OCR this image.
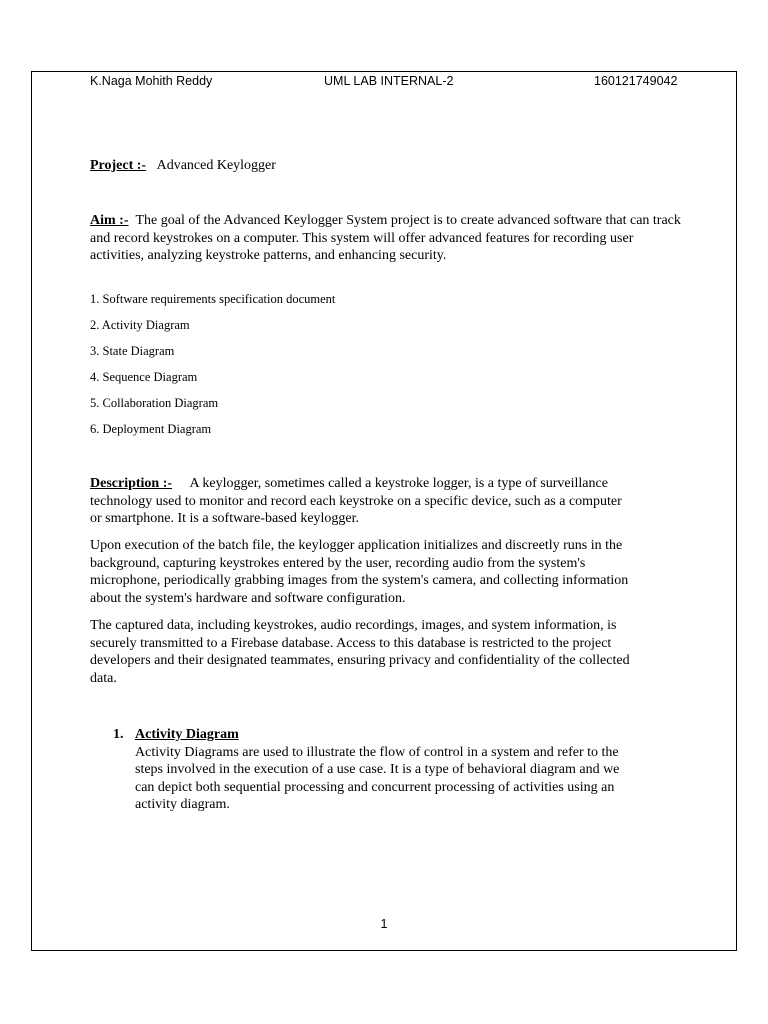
K.Naga Mohith Reddy	UML LAB INTERNAL-2	160121749042
Project :- Advanced Keylogger
Aim :- The goal of the Advanced Keylogger System project is to create advanced software that can track
and record keystrokes on a computer. This system will offer advanced features for recording user
activities, analyzing keystroke patterns, and enhancing security.
1. Software requirements specification document
2. Activity Diagram
3. State Diagram
4. Sequence Diagram
5. Collaboration Diagram
6. Deployment Diagram
Description :- A keylogger, sometimes called a keystroke logger, is a type of surveillance
technology used to monitor and record each keystroke on a specific device, such as a computer
or smartphone. It is a software-based keylogger.
Upon execution of the batch file, the keylogger application initializes and discreetly runs in the
background, capturing keystrokes entered by the user, recording audio from the system's
microphone, periodically grabbing images from the system's camera, and collecting information
about the system's hardware and software configuration.
The captured data, including keystrokes, audio recordings, images, and system information, is
securely transmitted to a Firebase database. Access to this database is restricted to the project
developers and their designated teammates, ensuring privacy and confidentiality of the collected
data.
1. Activity Diagram
Activity Diagrams are used to illustrate the flow of control in a system and refer to the
steps involved in the execution of a use case. It is a type of behavioral diagram and we
can depict both sequential processing and concurrent processing of activities using an
activity diagram.
1
